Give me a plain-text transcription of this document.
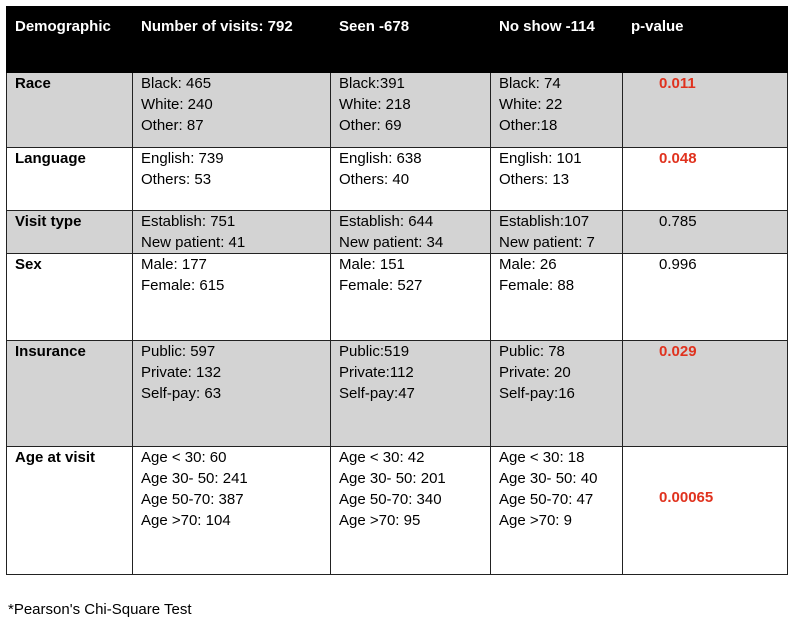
Demographic	Number of visits: 792	Seen -678	No show -114	p-value
Race	Black: 465
White: 240
Other: 87	Black:391
White: 218
Other: 69	Black: 74
White: 22
Other:18	0.011

Language	English: 739
Others: 53	English: 638
Others: 40	English: 101
Others: 13	0.048

Visit type	Establish: 751
New patient: 41	Establish: 644
New patient: 34	Establish:107
New patient: 7	0.785

Sex	Male: 177
Female: 615	Male: 151
Female: 527	Male: 26
Female: 88	0.996

Insurance	Public: 597
Private: 132
Self-pay: 63	Public:519
Private:112
Self-pay:47	Public: 78
Private: 20
Self-pay:16	0.029

Age at visit	Age < 30: 60
Age 30- 50: 241
Age 50-70: 387
Age >70: 104	Age < 30: 42
Age 30- 50: 201
Age 50-70: 340
Age >70: 95	Age < 30: 18
Age 30- 50: 40
Age 50-70: 47
Age >70: 9	0.00065
*Pearson's Chi-Square Test
